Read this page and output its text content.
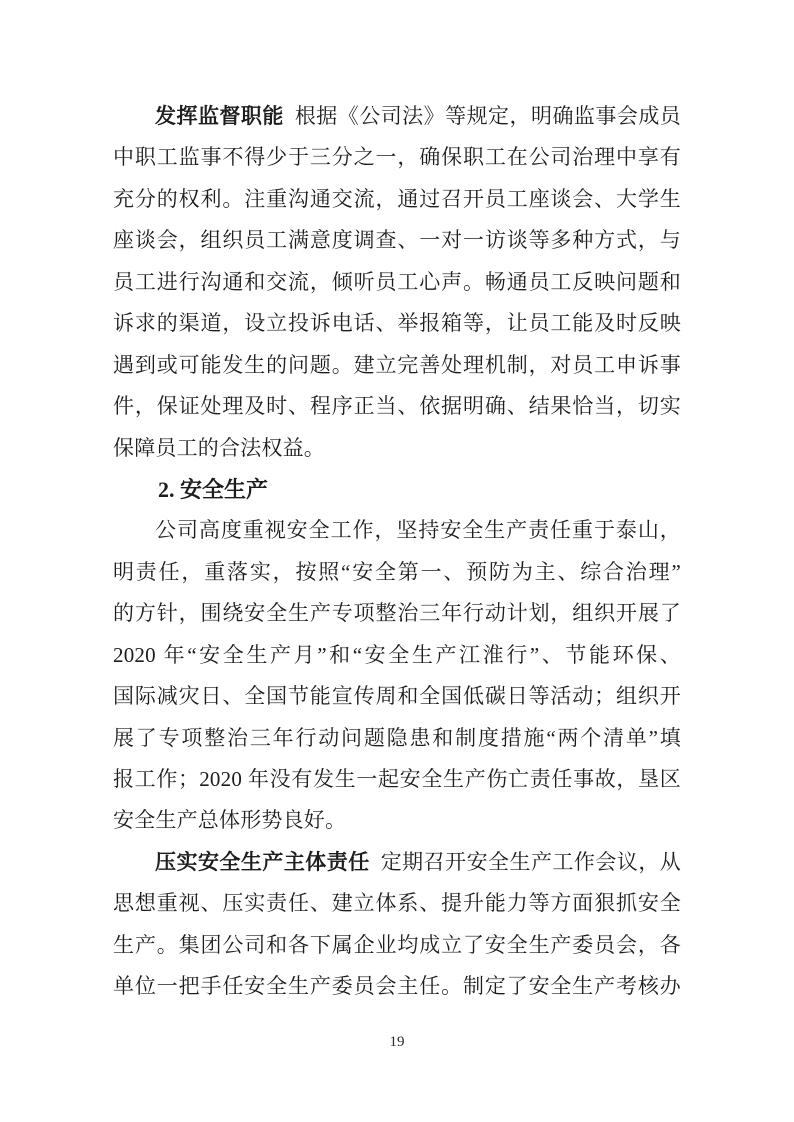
发挥监督职能 根据《公司法》等规定，明确监事会成员
中职工监事不得少于三分之一，确保职工在公司治理中享有
充分的权利。注重沟通交流，通过召开员工座谈会、大学生
座谈会，组织员工满意度调查、一对一访谈等多种方式，与
员工进行沟通和交流，倾听员工心声。畅通员工反映问题和
诉求的渠道，设立投诉电话、举报箱等，让员工能及时反映
遇到或可能发生的问题。建立完善处理机制，对员工申诉事
件，保证处理及时、程序正当、依据明确、结果恰当，切实
保障员工的合法权益。
2. 安全生产
公司高度重视安全工作，坚持安全生产责任重于泰山，
明责任，重落实，按照“安全第一、预防为主、综合治理”
的方针，围绕安全生产专项整治三年行动计划，组织开展了
2020 年“安全生产月”和“安全生产江淮行”、节能环保、
国际减灾日、全国节能宣传周和全国低碳日等活动；组织开
展了专项整治三年行动问题隐患和制度措施“两个清单”填
报工作；2020 年没有发生一起安全生产伤亡责任事故，垦区
安全生产总体形势良好。
压实安全生产主体责任 定期召开安全生产工作会议，从
思想重视、压实责任、建立体系、提升能力等方面狠抓安全
生产。集团公司和各下属企业均成立了安全生产委员会，各
单位一把手任安全生产委员会主任。制定了安全生产考核办
19
